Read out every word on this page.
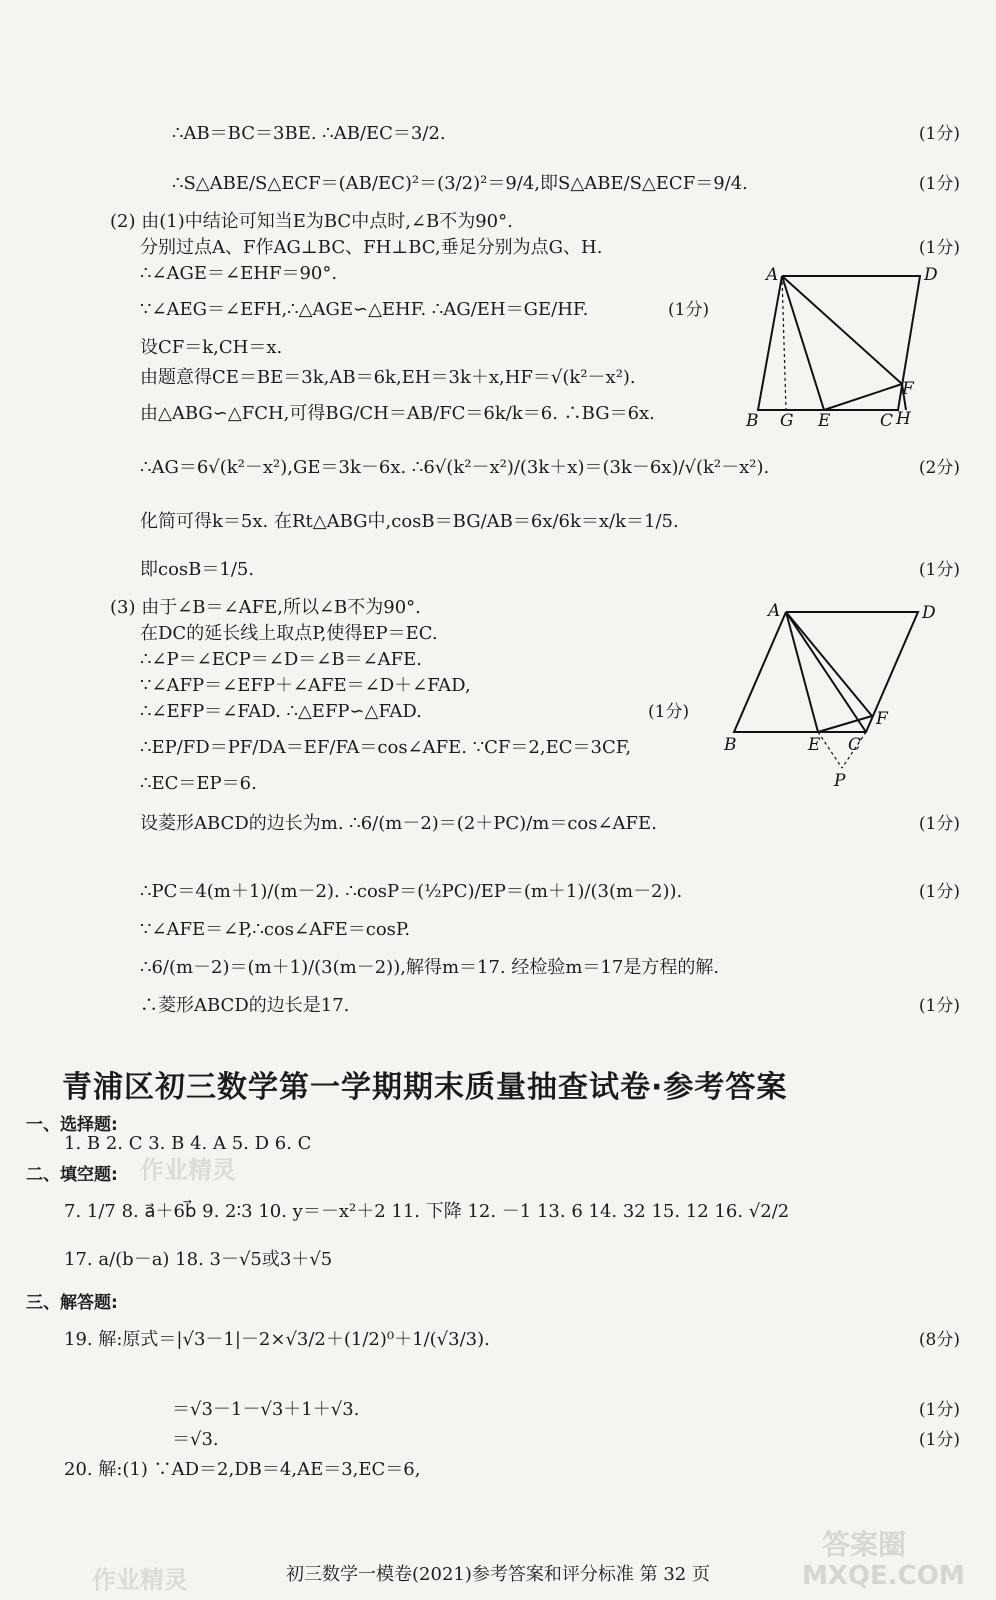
∴AB＝BC＝3BE. ∴AB/EC＝3/2.	(1分)
∴S△ABE/S△ECF＝(AB/EC)²＝(3/2)²＝9/4,即S△ABE/S△ECF＝9/4.	(1分)
(2) 由(1)中结论可知当E为BC中点时,∠B不为90°.
分别过点A、F作AG⊥BC、FH⊥BC,垂足分别为点G、H.	(1分)
∴∠AGE＝∠EHF＝90°.
∵∠AEG＝∠EFH,∴△AGE∽△EHF. ∴AG/EH＝GE/HF.	(1分)
设CF＝k,CH＝x.
由题意得CE＝BE＝3k,AB＝6k,EH＝3k＋x,HF＝√(k²－x²).
由△ABG∽△FCH,可得BG/CH＝AB/FC＝6k/k＝6. ∴BG＝6x.
∴AG＝6√(k²－x²),GE＝3k－6x. ∴6√(k²－x²)/(3k＋x)＝(3k－6x)/√(k²－x²).	(2分)
化简可得k＝5x. 在Rt△ABG中,cosB＝BG/AB＝6x/6k＝x/k＝1/5.
即cosB＝1/5.	(1分)
(3) 由于∠B＝∠AFE,所以∠B不为90°.
在DC的延长线上取点P,使得EP＝EC.
∴∠P＝∠ECP＝∠D＝∠B＝∠AFE.
∵∠AFP＝∠EFP＋∠AFE＝∠D＋∠FAD,
∴∠EFP＝∠FAD. ∴△EFP∽△FAD.	(1分)
∴EP/FD＝PF/DA＝EF/FA＝cos∠AFE. ∵CF＝2,EC＝3CF,
∴EC＝EP＝6.
设菱形ABCD的边长为m. ∴6/(m－2)＝(2＋PC)/m＝cos∠AFE.	(1分)
∴PC＝4(m＋1)/(m－2). ∴cosP＝(½PC)/EP＝(m＋1)/(3(m－2)).	(1分)
∵∠AFE＝∠P,∴cos∠AFE＝cosP.
∴6/(m－2)＝(m＋1)/(3(m－2)),解得m＝17. 经检验m＝17是方程的解.
∴菱形ABCD的边长是17.	(1分)
A	D
B G E	C H
F
A	D
B	E C
F
P
青浦区初三数学第一学期期末质量抽查试卷·参考答案
一、选择题:
1. B 2. C 3. B 4. A 5. D 6. C
二、填空题:
7. 1/7 8. a⃗＋6b⃗ 9. 2∶3 10. y＝－x²＋2 11. 下降 12. －1 13. 6 14. 32 15. 12 16. √2/2
17. a/(b－a) 18. 3－√5或3＋√5
三、解答题:
19. 解:原式＝|√3－1|－2×√3/2＋(1/2)⁰＋1/(√3/3).	(8分)
＝√3－1－√3＋1＋√3.	(1分)
＝√3.	(1分)
20. 解:(1) ∵AD＝2,DB＝4,AE＝3,EC＝6,
初三数学一模卷(2021)参考答案和评分标准 第 32 页
作业精灵
作业精灵
答案圈
MXQE.COM
